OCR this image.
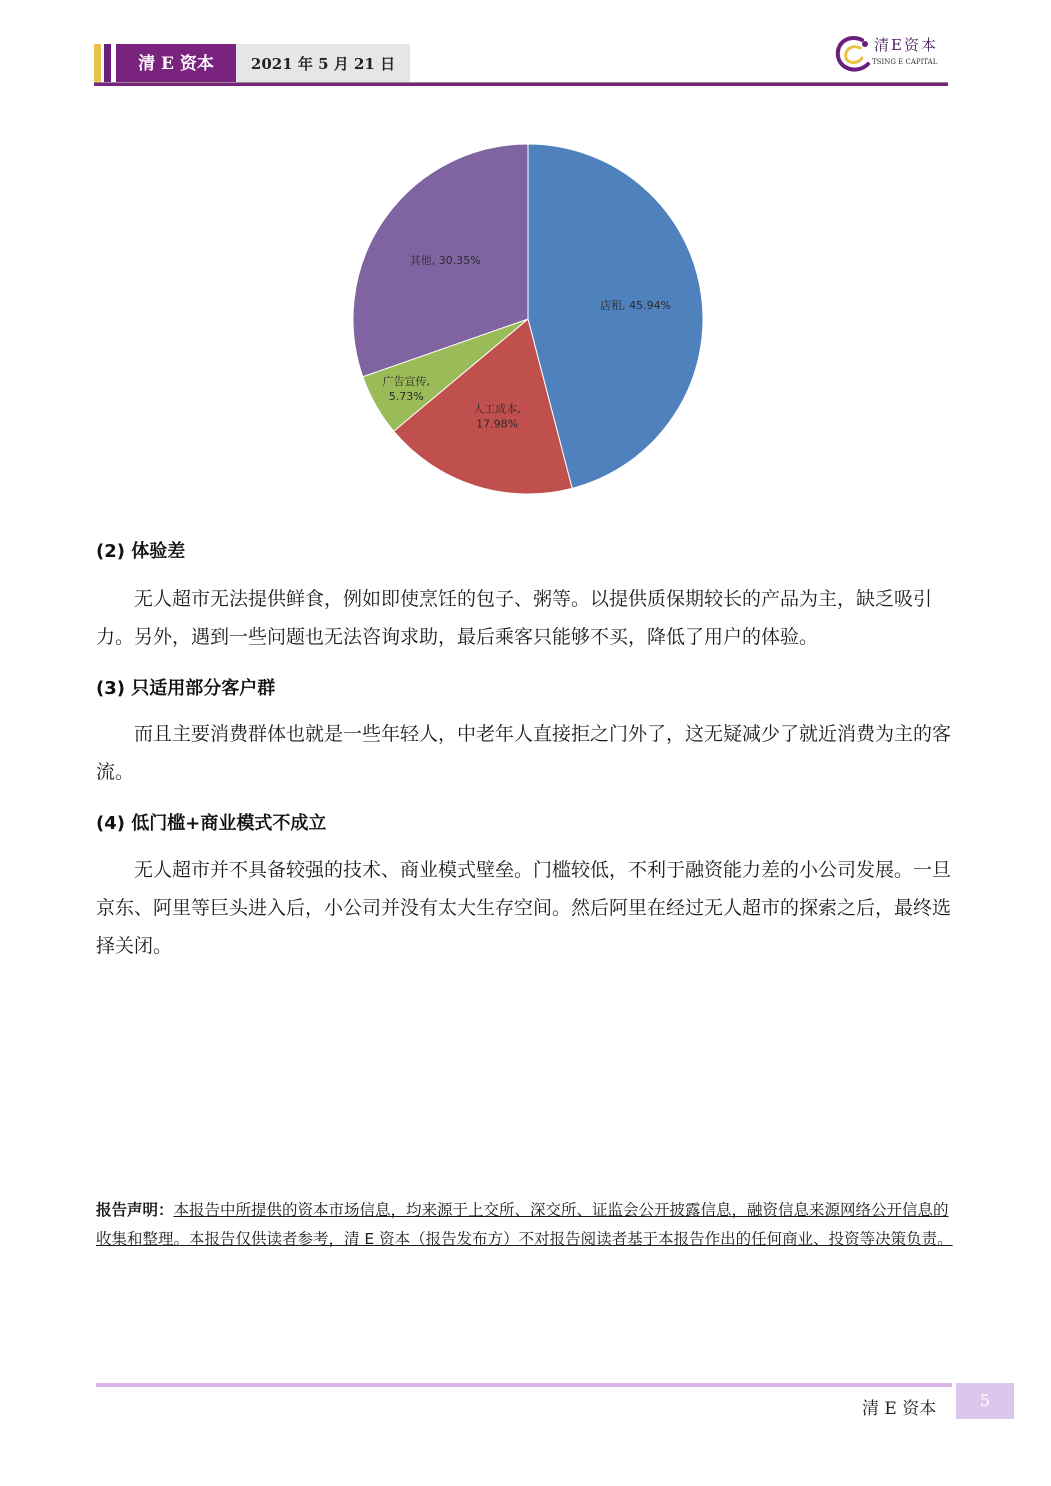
清 E 资本	2021 年 5 月 21 日
清E资本
TSING E CAPITAL
店租, 45.94%
人工成本, 17.98%
广告宣传, 5.73%
其他, 30.35%
(2) 体验差
无人超市无法提供鲜食，例如即使烹饪的包子、粥等。以提供质保期较长的产品为主，缺乏吸引力。另外，遇到一些问题也无法咨询求助，最后乘客只能够不买，降低了用户的体验。
(3) 只适用部分客户群
而且主要消费群体也就是一些年轻人，中老年人直接拒之门外了，这无疑减少了就近消费为主的客流。
(4) 低门槛+商业模式不成立
无人超市并不具备较强的技术、商业模式壁垒。门槛较低，不利于融资能力差的小公司发展。一旦京东、阿里等巨头进入后，小公司并没有太大生存空间。然后阿里在经过无人超市的探索之后，最终选择关闭。
报告声明：本报告中所提供的资本市场信息，均来源于上交所、深交所、证监会公开披露信息，融资信息来源网络公开信息的收集和整理。本报告仅供读者参考，清 E 资本（报告发布方）不对报告阅读者基于本报告作出的任何商业、投资等决策负责。
清 E 资本	5
